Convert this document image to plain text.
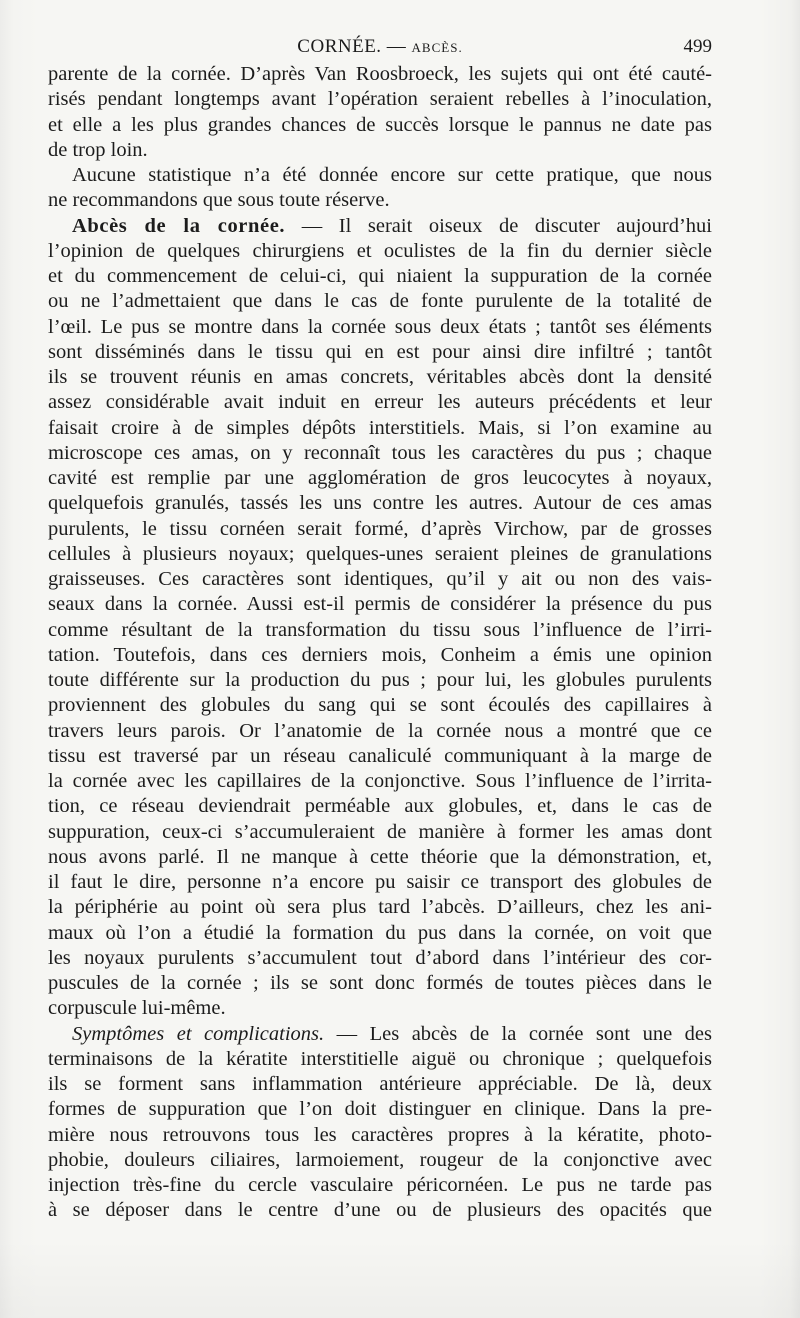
CORNÉE. — ABCÈS.	499
parente de la cornée. D’après Van Roosbroeck, les sujets qui ont été cauté-
risés pendant longtemps avant l’opération seraient rebelles à l’inoculation,
et elle a les plus grandes chances de succès lorsque le pannus ne date pas
de trop loin.
Aucune statistique n’a été donnée encore sur cette pratique, que nous
ne recommandons que sous toute réserve.
Abcès de la cornée. — Il serait oiseux de discuter aujourd’hui
l’opinion de quelques chirurgiens et oculistes de la fin du dernier siècle
et du commencement de celui-ci, qui niaient la suppuration de la cornée
ou ne l’admettaient que dans le cas de fonte purulente de la totalité de
l’œil. Le pus se montre dans la cornée sous deux états ; tantôt ses éléments
sont disséminés dans le tissu qui en est pour ainsi dire infiltré ; tantôt
ils se trouvent réunis en amas concrets, véritables abcès dont la densité
assez considérable avait induit en erreur les auteurs précédents et leur
faisait croire à de simples dépôts interstitiels. Mais, si l’on examine au
microscope ces amas, on y reconnaît tous les caractères du pus ; chaque
cavité est remplie par une agglomération de gros leucocytes à noyaux,
quelquefois granulés, tassés les uns contre les autres. Autour de ces amas
purulents, le tissu cornéen serait formé, d’après Virchow, par de grosses
cellules à plusieurs noyaux; quelques-unes seraient pleines de granulations
graisseuses. Ces caractères sont identiques, qu’il y ait ou non des vais-
seaux dans la cornée. Aussi est-il permis de considérer la présence du pus
comme résultant de la transformation du tissu sous l’influence de l’irri-
tation. Toutefois, dans ces derniers mois, Conheim a émis une opinion
toute différente sur la production du pus ; pour lui, les globules purulents
proviennent des globules du sang qui se sont écoulés des capillaires à
travers leurs parois. Or l’anatomie de la cornée nous a montré que ce
tissu est traversé par un réseau canaliculé communiquant à la marge de
la cornée avec les capillaires de la conjonctive. Sous l’influence de l’irrita-
tion, ce réseau deviendrait perméable aux globules, et, dans le cas de
suppuration, ceux-ci s’accumuleraient de manière à former les amas dont
nous avons parlé. Il ne manque à cette théorie que la démonstration, et,
il faut le dire, personne n’a encore pu saisir ce transport des globules de
la périphérie au point où sera plus tard l’abcès. D’ailleurs, chez les ani-
maux où l’on a étudié la formation du pus dans la cornée, on voit que
les noyaux purulents s’accumulent tout d’abord dans l’intérieur des cor-
puscules de la cornée ; ils se sont donc formés de toutes pièces dans le
corpuscule lui-même.
Symptômes et complications. — Les abcès de la cornée sont une des
terminaisons de la kératite interstitielle aiguë ou chronique ; quelquefois
ils se forment sans inflammation antérieure appréciable. De là, deux
formes de suppuration que l’on doit distinguer en clinique. Dans la pre-
mière nous retrouvons tous les caractères propres à la kératite, photo-
phobie, douleurs ciliaires, larmoiement, rougeur de la conjonctive avec
injection très-fine du cercle vasculaire péricornéen. Le pus ne tarde pas
à se déposer dans le centre d’une ou de plusieurs des opacités que
